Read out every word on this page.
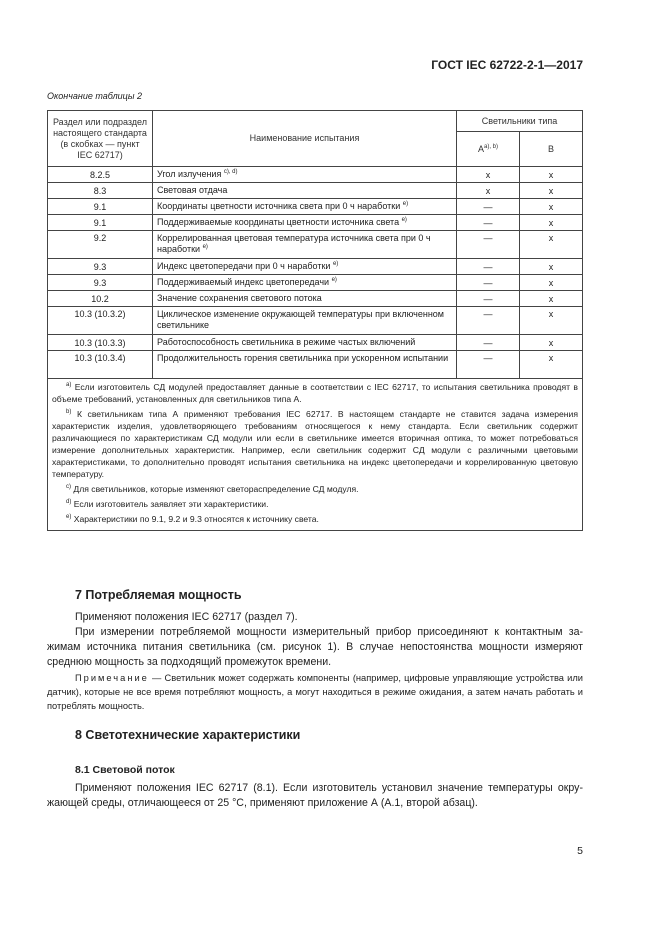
ГОСТ IEC 62722-2-1—2017
Окончание таблицы 2
Раздел или подраздел настоящего стандарта (в скобках — пункт IEC 62717)	Наименование испытания	Светильники типа	
		$А^{а), b)}$	В
8.2.5	Угол излучения $^{с), d)}$	x	x
8.3	Световая отдача	x	x
9.1	Координаты цветности источника света при 0 ч наработки $^{е)}$	—	x
9.1	Поддерживаемые координаты цветности источника света $^{е)}$	—	x
9.2	Коррелированная цветовая температура источника света при 0 ч наработки $^{е)}$	—	x
9.3	Индекс цветопередачи при 0 ч наработки $^{е)}$	—	x
9.3	Поддерживаемый индекс цветопередачи $^{е)}$	—	x
10.2	Значение сохранения светового потока	—	x
10.3 (10.3.2)	Циклическое изменение окружающей температуры при включенном светильнике	—	x
10.3 (10.3.3)	Работоспособность светильника в режиме частых включений	—	x
10.3 (10.3.4)	Продолжительность горения светильника при ускоренном испытании	—	x

$^{а)}$ Если изготовитель СД модулей предоставляет данные в соответствии с IEC 62717, то испытания светильника проводят в объеме требований, установленных для светильников типа А.

$^{b)}$ К светильникам типа А применяют требования IEC 62717. В настоящем стандарте не ставится задача измерения характеристик изделия, удовлетворяющего требованиям относящегося к нему стандарта. Если светильник содержит различающиеся по характеристикам СД модули или если в светильнике имеется вторичная оптика, то может потребоваться измерение дополнительных характеристик. Например, если светильник содержит СД модули с различными цветовыми характеристиками, то дополнительно проводят испытания светильника на индекс цветопередачи и коррелированную цветовую температуру.

$^{с)}$ Для светильников, которые изменяют светораспределение СД модуля.

$^{d)}$ Если изготовитель заявляет эти характеристики.

$^{е)}$ Характеристики по 9.1, 9.2 и 9.3 относятся к источнику света.			

7 Потребляемая мощность

Применяют положения IEC 62717 (раздел 7).

При измерении потребляемой мощности измерительный прибор присоединяют к контактным зажимам источника питания светильника (см. рисунок 1). В случае непостоянства мощности измеряют среднюю мощность за подходящий промежуток времени.

Примечание — Светильник может содержать компоненты (например, цифровые управляющие устройства или датчик), которые не все время потребляют мощность, а могут находиться в режиме ожидания, а затем начать работать и потреблять мощность.

8 Светотехнические характеристики
8.1 Световой поток

Применяют положения IEC 62717 (8.1). Если изготовитель установил значение температуры окружающей среды, отличающееся от 25 °С, применяют приложение А (А.1, второй абзац).

5
